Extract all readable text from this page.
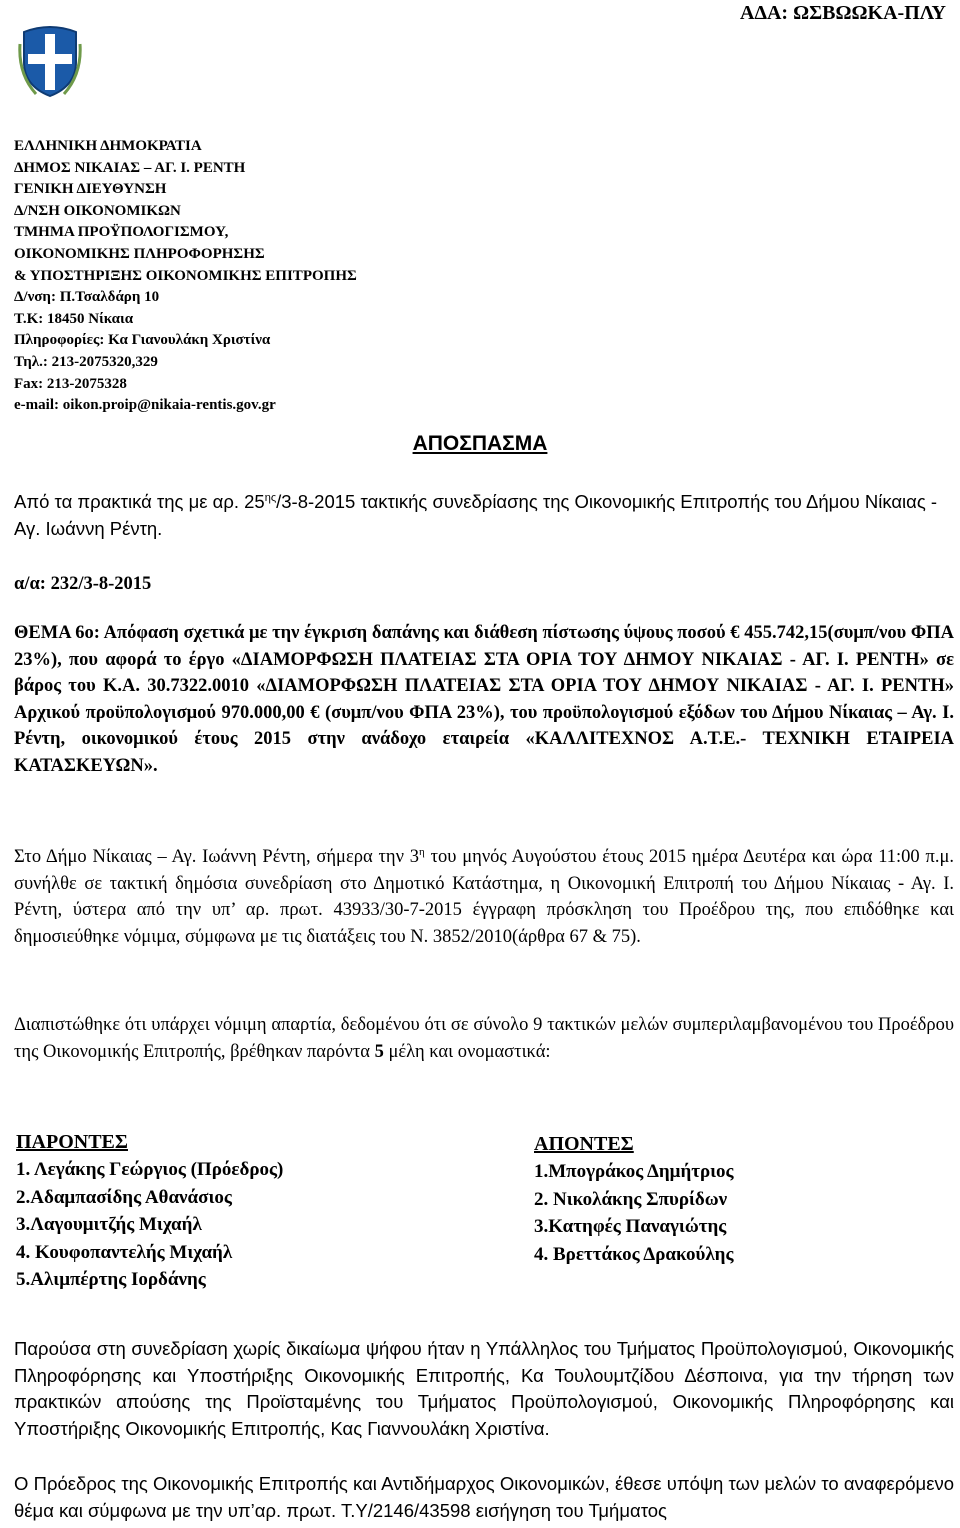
ΑΔΑ: ΩΣΒΩΩΚΑ-ΠΛΥ
ΕΛΛΗΝΙΚΗ ΔΗΜΟΚΡΑΤΙΑ
ΔΗΜΟΣ ΝΙΚΑΙΑΣ – ΑΓ. Ι. ΡΕΝΤΗ
ΓΕΝΙΚΗ ΔΙΕΥΘΥΝΣΗ
Δ/ΝΣΗ ΟΙΚΟΝΟΜΙΚΩΝ
ΤΜΗΜΑ ΠΡΟΫΠΟΛΟΓΙΣΜΟΥ,
ΟΙΚΟΝΟΜΙΚΗΣ ΠΛΗΡΟΦΟΡΗΣΗΣ
& ΥΠΟΣΤΗΡΙΞΗΣ ΟΙΚΟΝΟΜΙΚΗΣ ΕΠΙΤΡΟΠΗΣ
Δ/νση: Π.Τσαλδάρη 10
Τ.Κ: 18450 Νίκαια
Πληροφορίες: Κα Γιανουλάκη Χριστίνα
Τηλ.: 213-2075320,329
Fax: 213-2075328
e-mail: oikon.proip@nikaia-rentis.gov.gr
ΑΠΟΣΠΑΣΜΑ
Από τα πρακτικά της με αρ. $25^{\eta\varsigma}/3-8-2015$ τακτικής συνεδρίασης της Οικονομικής Επιτροπής του Δήμου Νίκαιας - Αγ. Ιωάννη Ρέντη.
α/α: 232/3-8-2015
ΘΕΜΑ 6ο: Απόφαση σχετικά με την έγκριση δαπάνης και διάθεση πίστωσης ύψους ποσού € 455.742,15(συμπ/νου ΦΠΑ 23%), που αφορά το έργο «ΔΙΑΜΟΡΦΩΣΗ ΠΛΑΤΕΙΑΣ ΣΤΑ ΟΡΙΑ ΤΟΥ ΔΗΜΟΥ ΝΙΚΑΙΑΣ - ΑΓ. Ι. ΡΕΝΤΗ» σε βάρος του Κ.Α. 30.7322.0010 «ΔΙΑΜΟΡΦΩΣΗ ΠΛΑΤΕΙΑΣ ΣΤΑ ΟΡΙΑ ΤΟΥ ΔΗΜΟΥ ΝΙΚΑΙΑΣ - ΑΓ. Ι. ΡΕΝΤΗ» Αρχικού προϋπολογισμού 970.000,00 € (συμπ/νου ΦΠΑ 23%), του προϋπολογισμού εξόδων του Δήμου Νίκαιας – Αγ. Ι. Ρέντη, οικονομικού έτους 2015 στην ανάδοχο εταιρεία «ΚΑΛΛΙΤΕΧΝΟΣ Α.Τ.Ε.- ΤΕΧΝΙΚΗ ΕΤΑΙΡΕΙΑ ΚΑΤΑΣΚΕΥΩΝ».
Στο Δήμο Νίκαιας – Αγ. Ιωάννη Ρέντη, σήμερα την $3^\eta$ του μηνός Αυγούστου έτους 2015 ημέρα Δευτέρα και ώρα 11:00 π.μ. συνήλθε σε τακτική δημόσια συνεδρίαση στο Δημοτικό Κατάστημα, η Οικονομική Επιτροπή του Δήμου Νίκαιας - Αγ. Ι. Ρέντη, ύστερα από την υπ’ αρ. πρωτ. 43933/30-7-2015 έγγραφη πρόσκληση του Προέδρου της, που επιδόθηκε και δημοσιεύθηκε νόμιμα, σύμφωνα με τις διατάξεις του Ν. 3852/2010(άρθρα 67 & 75).
Διαπιστώθηκε ότι υπάρχει νόμιμη απαρτία, δεδομένου ότι σε σύνολο 9 τακτικών μελών συμπεριλαμβανομένου του Προέδρου της Οικονομικής Επιτροπής, βρέθηκαν παρόντα 5 μέλη και ονομαστικά:
ΠΑΡΟΝΤΕΣ
1. Λεγάκης Γεώργιος (Πρόεδρος)
2.Αδαμπασίδης Αθανάσιος
3.Λαγουμιτζής Μιχαήλ
4. Κουφοπαντελής Μιχαήλ
5.Αλιμπέρτης Ιορδάνης
ΑΠΟΝΤΕΣ
1.Μπογράκος Δημήτριος
2. Νικολάκης Σπυρίδων
3.Κατηφές Παναγιώτης
4. Βρεττάκος Δρακούλης
Παρούσα στη συνεδρίαση χωρίς δικαίωμα ψήφου ήταν η Υπάλληλος του Τμήματος Προϋπολογισμού, Οικονομικής Πληροφόρησης και Υποστήριξης Οικονομικής Επιτροπής, Κα Τουλουμτζίδου Δέσποινα, για την τήρηση των πρακτικών απούσης της Προϊσταμένης του Τμήματος Προϋπολογισμού, Οικονομικής Πληροφόρησης και Υποστήριξης Οικονομικής Επιτροπής, Κας Γιαννουλάκη Χριστίνα.
Ο Πρόεδρος της Οικονομικής Επιτροπής και Αντιδήμαρχος Οικονομικών, έθεσε υπόψη των μελών το αναφερόμενο θέμα και σύμφωνα με την υπ’αρ. πρωτ. Τ.Υ/2146/43598 εισήγηση του Τμήματος
